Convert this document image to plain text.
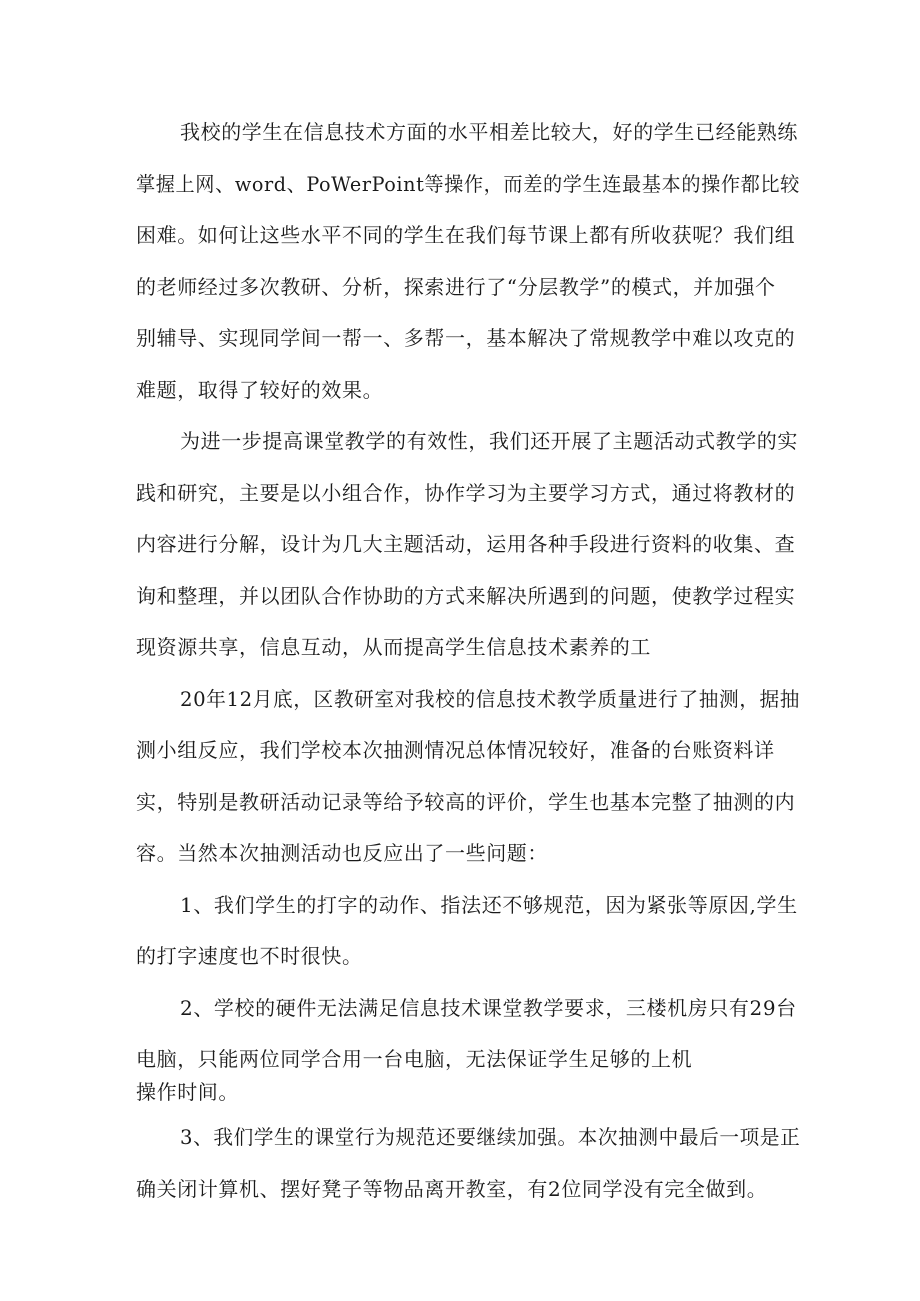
我校的学生在信息技术方面的水平相差比较大，好的学生已经能熟练
掌握上网、word、PoWerPoint等操作，而差的学生连最基本的操作都比较
困难。如何让这些水平不同的学生在我们每节课上都有所收获呢？我们组
的老师经过多次教研、分析，探索进行了“分层教学”的模式，并加强个
别辅导、实现同学间一帮一、多帮一，基本解决了常规教学中难以攻克的
难题，取得了较好的效果。
为进一步提高课堂教学的有效性，我们还开展了主题活动式教学的实
践和研究，主要是以小组合作，协作学习为主要学习方式，通过将教材的
内容进行分解，设计为几大主题活动，运用各种手段进行资料的收集、查
询和整理，并以团队合作协助的方式来解决所遇到的问题，使教学过程实
现资源共享，信息互动，从而提高学生信息技术素养的工
20年12月底，区教研室对我校的信息技术教学质量进行了抽测，据抽
测小组反应，我们学校本次抽测情况总体情况较好，准备的台账资料详
实，特别是教研活动记录等给予较高的评价，学生也基本完整了抽测的内
容。当然本次抽测活动也反应出了一些问题：
1、我们学生的打字的动作、指法还不够规范，因为紧张等原因,学生
的打字速度也不时很快。
2、学校的硬件无法满足信息技术课堂教学要求，三楼机房只有29台
电脑，只能两位同学合用一台电脑，无法保证学生足够的上机
操作时间。
3、我们学生的课堂行为规范还要继续加强。本次抽测中最后一项是正
确关闭计算机、摆好凳子等物品离开教室，有2位同学没有完全做到。
